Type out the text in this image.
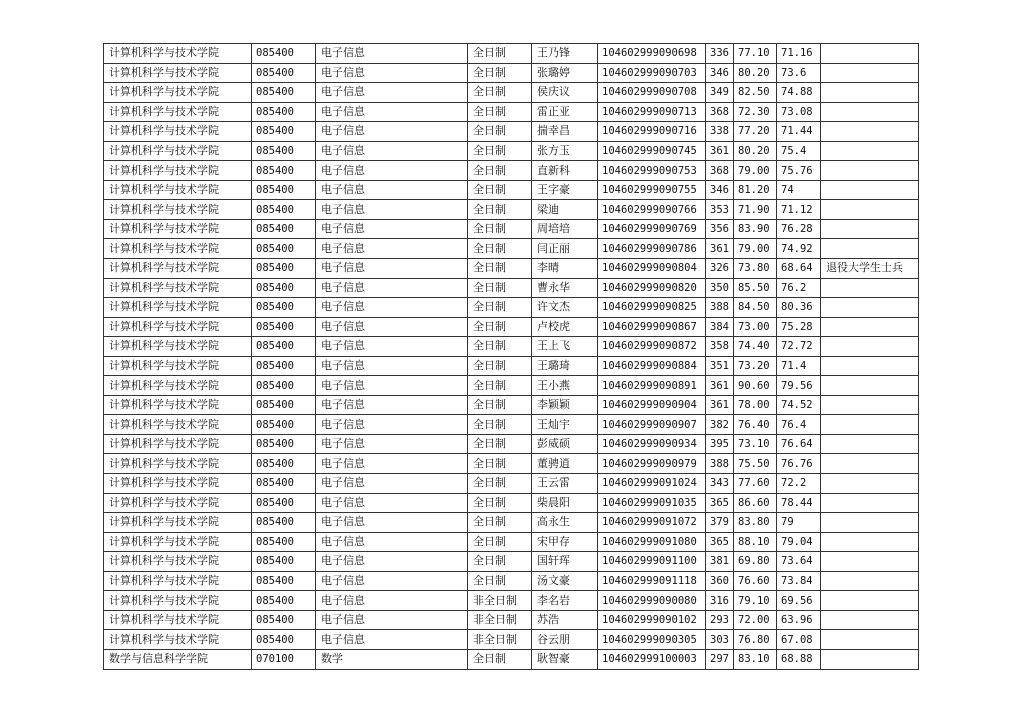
计算机科学与技术学院	085400	电子信息	全日制	王乃锋	104602999090698	336	77.10	71.16	
计算机科学与技术学院	085400	电子信息	全日制	张璐婷	104602999090703	346	80.20	73.6	
计算机科学与技术学院	085400	电子信息	全日制	侯庆议	104602999090708	349	82.50	74.88	
计算机科学与技术学院	085400	电子信息	全日制	雷正亚	104602999090713	368	72.30	73.08	
计算机科学与技术学院	085400	电子信息	全日制	揣幸昌	104602999090716	338	77.20	71.44	
计算机科学与技术学院	085400	电子信息	全日制	张方玉	104602999090745	361	80.20	75.4	
计算机科学与技术学院	085400	电子信息	全日制	直新科	104602999090753	368	79.00	75.76	
计算机科学与技术学院	085400	电子信息	全日制	王字豪	104602999090755	346	81.20	74	
计算机科学与技术学院	085400	电子信息	全日制	梁迪	104602999090766	353	71.90	71.12	
计算机科学与技术学院	085400	电子信息	全日制	周培培	104602999090769	356	83.90	76.28	
计算机科学与技术学院	085400	电子信息	全日制	闫正丽	104602999090786	361	79.00	74.92	
计算机科学与技术学院	085400	电子信息	全日制	李晴	104602999090804	326	73.80	68.64	退役大学生士兵
计算机科学与技术学院	085400	电子信息	全日制	曹永华	104602999090820	350	85.50	76.2	
计算机科学与技术学院	085400	电子信息	全日制	许文杰	104602999090825	388	84.50	80.36	
计算机科学与技术学院	085400	电子信息	全日制	卢校虎	104602999090867	384	73.00	75.28	
计算机科学与技术学院	085400	电子信息	全日制	王上飞	104602999090872	358	74.40	72.72	
计算机科学与技术学院	085400	电子信息	全日制	王璐琦	104602999090884	351	73.20	71.4	
计算机科学与技术学院	085400	电子信息	全日制	王小燕	104602999090891	361	90.60	79.56	
计算机科学与技术学院	085400	电子信息	全日制	李颖颖	104602999090904	361	78.00	74.52	
计算机科学与技术学院	085400	电子信息	全日制	王灿宇	104602999090907	382	76.40	76.4	
计算机科学与技术学院	085400	电子信息	全日制	彭威硕	104602999090934	395	73.10	76.64	
计算机科学与技术学院	085400	电子信息	全日制	董骋逍	104602999090979	388	75.50	76.76	
计算机科学与技术学院	085400	电子信息	全日制	王云雷	104602999091024	343	77.60	72.2	
计算机科学与技术学院	085400	电子信息	全日制	柴晨阳	104602999091035	365	86.60	78.44	
计算机科学与技术学院	085400	电子信息	全日制	高永生	104602999091072	379	83.80	79	
计算机科学与技术学院	085400	电子信息	全日制	宋甲存	104602999091080	365	88.10	79.04	
计算机科学与技术学院	085400	电子信息	全日制	国轩珲	104602999091100	381	69.80	73.64	
计算机科学与技术学院	085400	电子信息	全日制	汤文豪	104602999091118	360	76.60	73.84	
计算机科学与技术学院	085400	电子信息	非全日制	李名岩	104602999090080	316	79.10	69.56	
计算机科学与技术学院	085400	电子信息	非全日制	苏浩	104602999090102	293	72.00	63.96	
计算机科学与技术学院	085400	电子信息	非全日制	谷云朋	104602999090305	303	76.80	67.08	
数学与信息科学学院	070100	数学	全日制	耿智豪	104602999100003	297	83.10	68.88	
